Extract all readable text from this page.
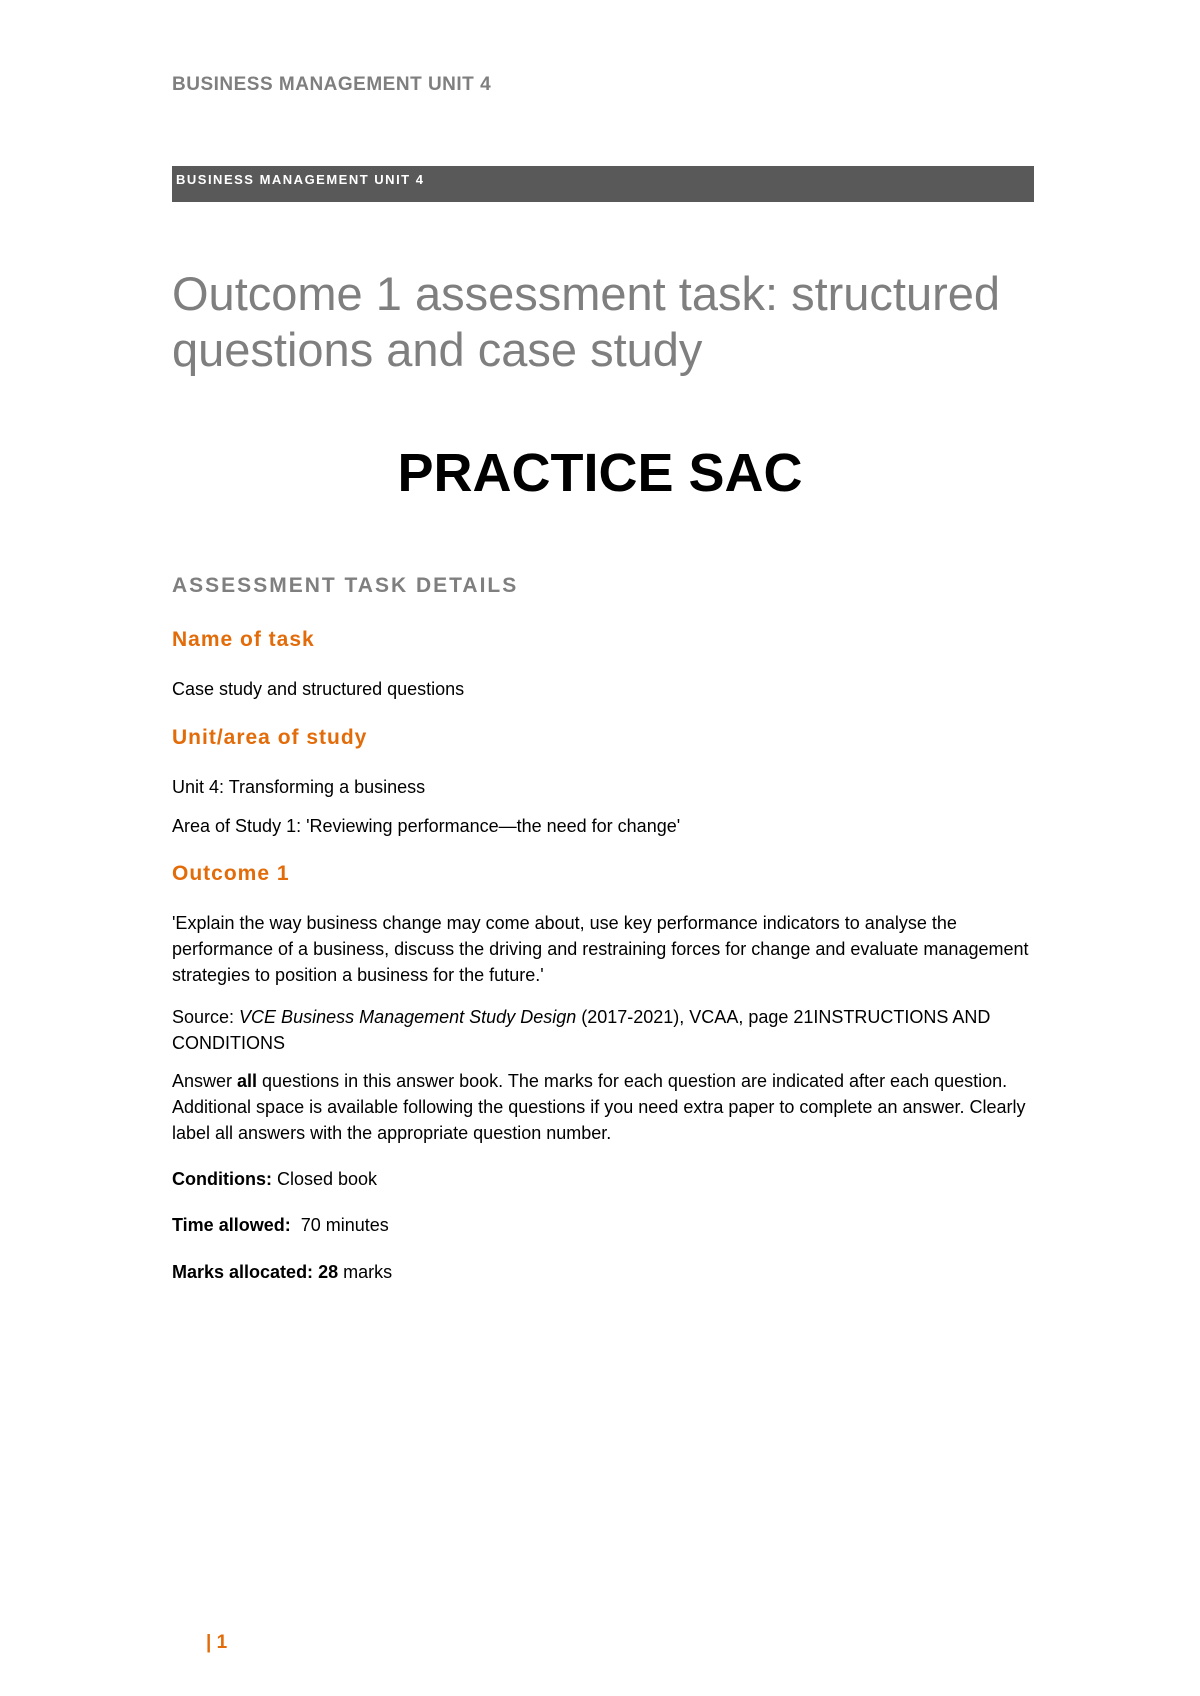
BUSINESS MANAGEMENT UNIT 4
BUSINESS MANAGEMENT UNIT 4
Outcome 1 assessment task: structured questions and case study
PRACTICE SAC
ASSESSMENT TASK DETAILS
Name of task

Case study and structured questions

Unit/area of study

Unit 4: Transforming a business

Area of Study 1: 'Reviewing performance—the need for change'

Outcome 1

'Explain the way business change may come about, use key performance indicators to analyse the performance of a business, discuss the driving and restraining forces for change and evaluate management strategies to position a business for the future.'

Source: VCE Business Management Study Design (2017-2021), VCAA, page 21INSTRUCTIONS AND CONDITIONS

Answer all questions in this answer book. The marks for each question are indicated after each question. Additional space is available following the questions if you need extra paper to complete an answer. Clearly label all answers with the appropriate question number.

Conditions: Closed book

Time allowed:  70 minutes

Marks allocated: 28 marks

| 1
